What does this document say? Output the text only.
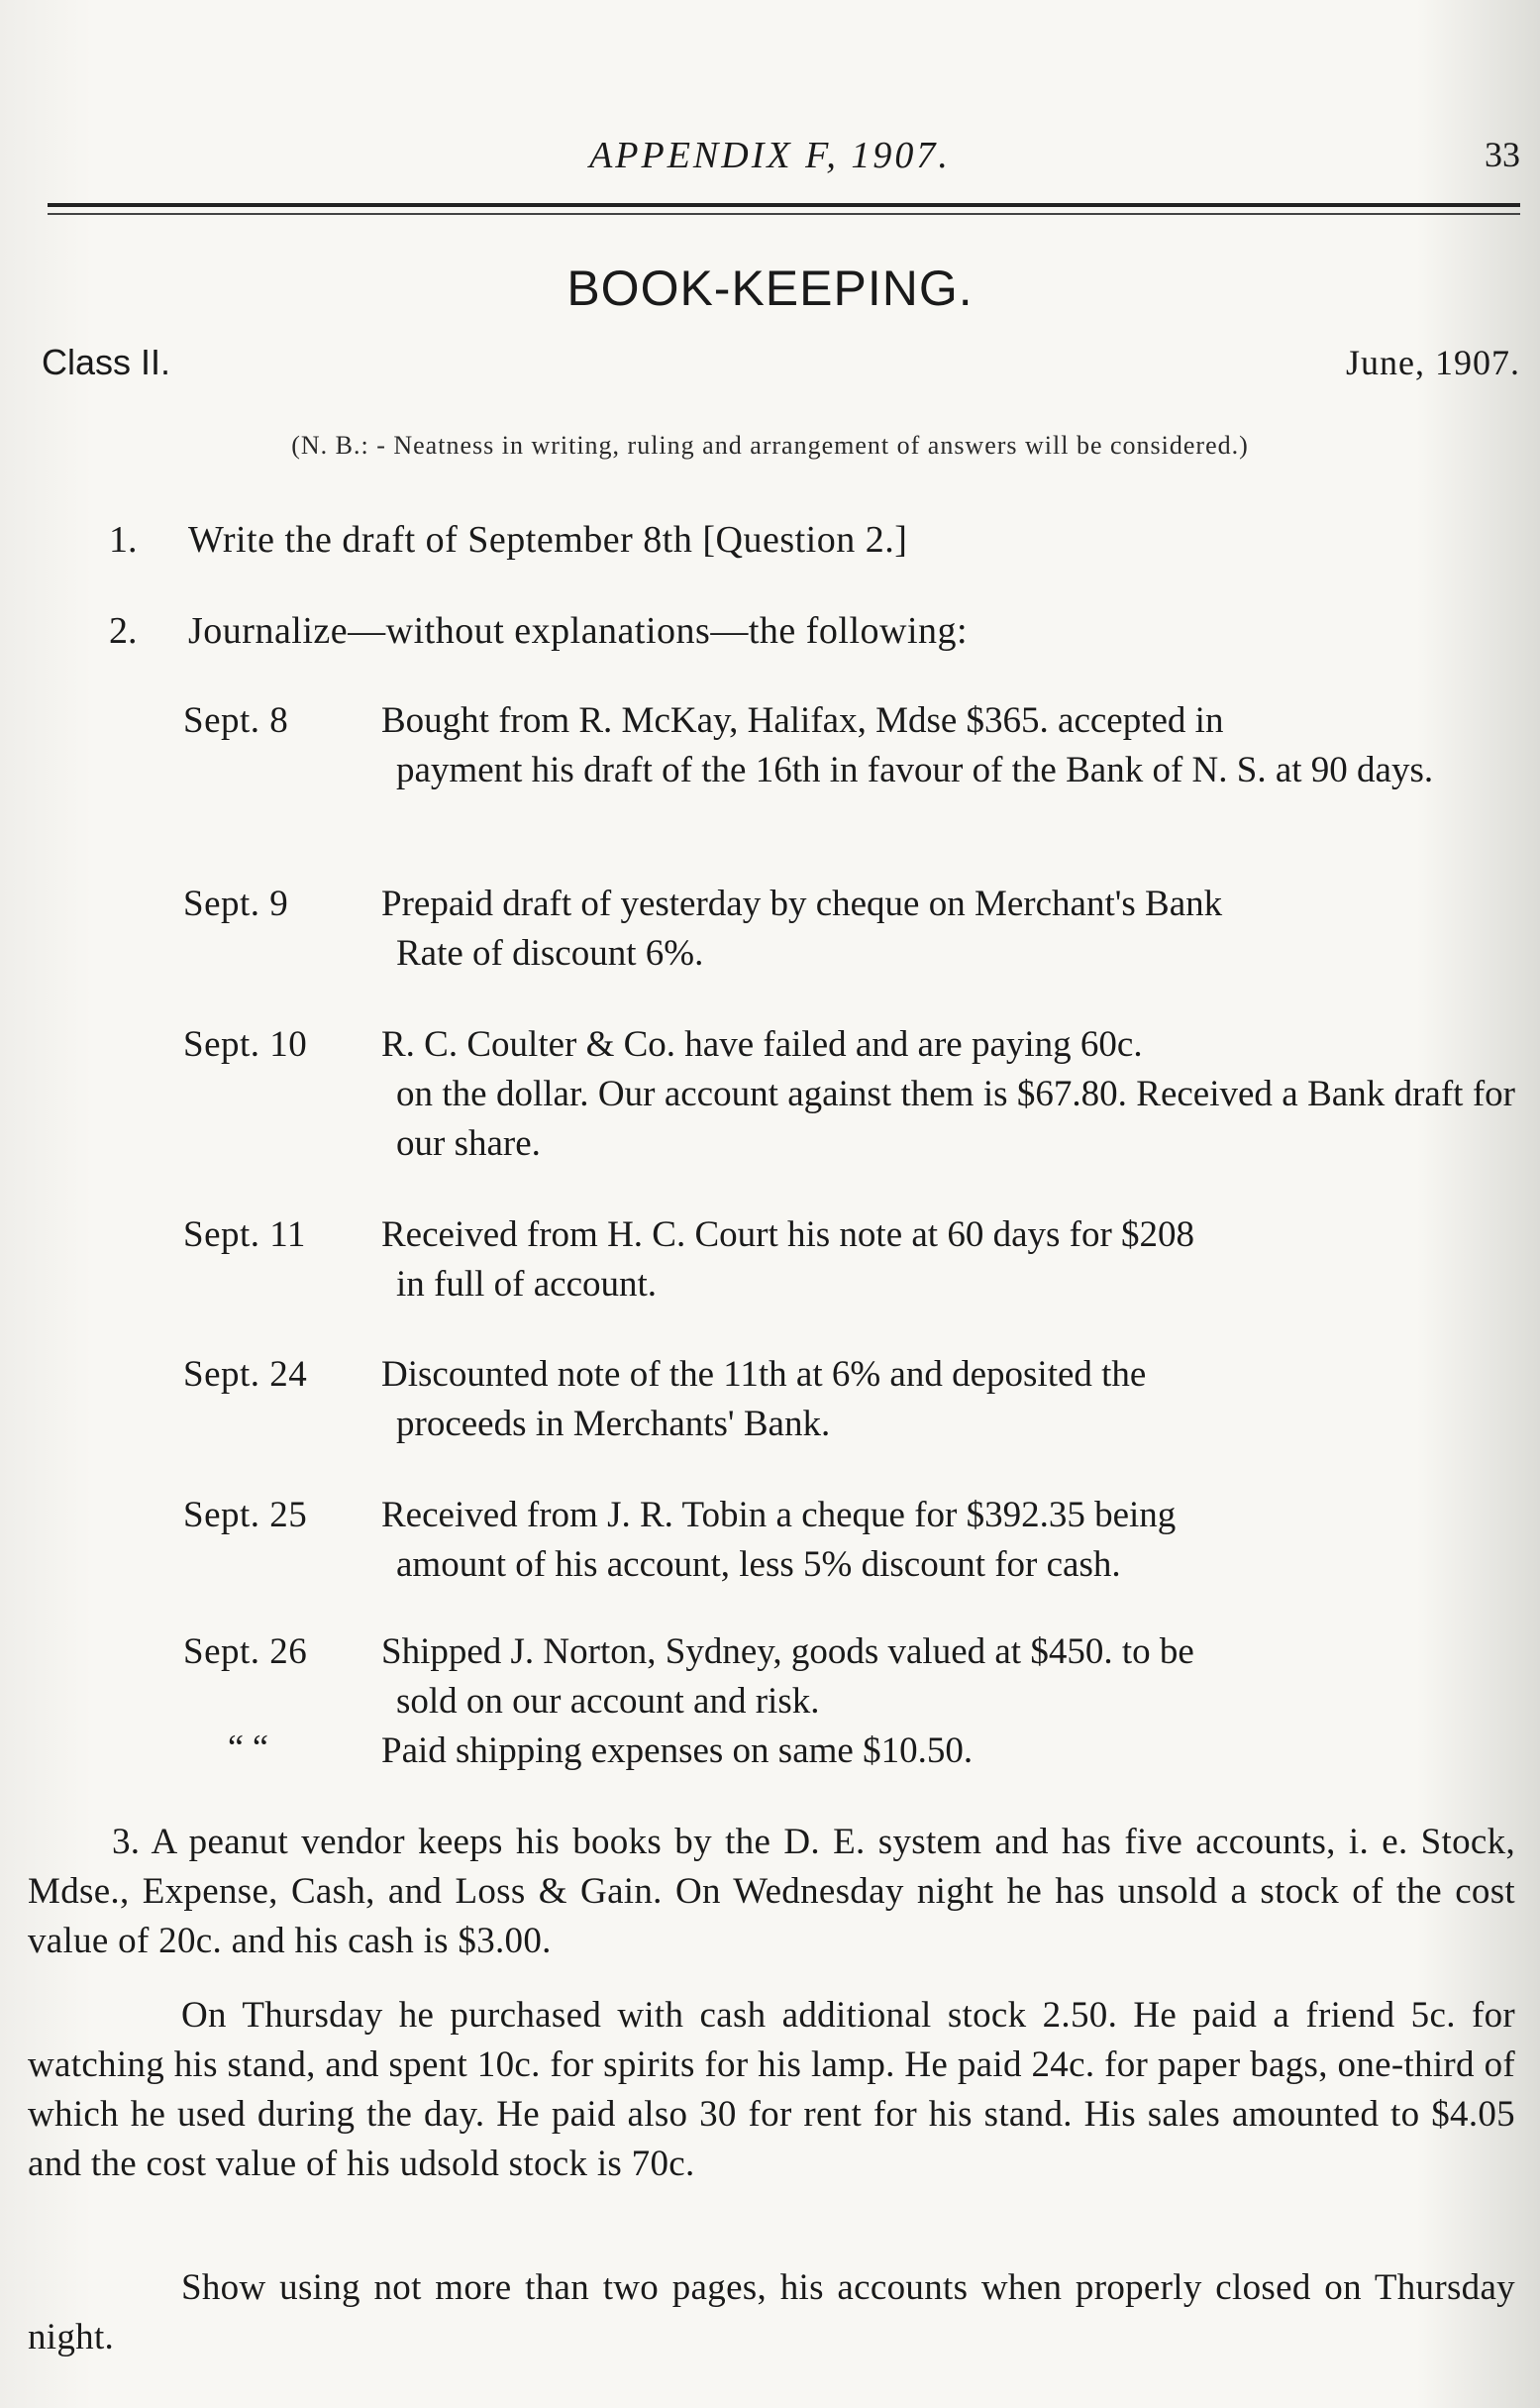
APPENDIX F, 1907.	33
BOOK-KEEPING.
Class II.	June, 1907.
(N. B.: - Neatness in writing, ruling and arrangement of answers will be considered.)
1.	Write the draft of September 8th [Question 2.]
2.	Journalize—without explanations—the following:
Sept. 8	Bought from R. McKay, Halifax, Mdse $365. accepted in
payment his draft of the 16th in favour of the Bank of N. S. at 90 days.
Sept. 9	Prepaid draft of yesterday by cheque on Merchant's Bank
Rate of discount 6%.
Sept. 10	R. C. Coulter & Co. have failed and are paying 60c.
on the dollar. Our account against them is $67.80. Received a Bank draft for our share.
Sept. 11	Received from H. C. Court his note at 60 days for $208
in full of account.
Sept. 24	Discounted note of the 11th at 6% and deposited the
proceeds in Merchants' Bank.
Sept. 25	Received from J. R. Tobin a cheque for $392.35 being
amount of his account, less 5% discount for cash.
Sept. 26	Shipped J. Norton, Sydney, goods valued at $450. to be
sold on our account and risk.
“ “	Paid shipping expenses on same $10.50.
3. A peanut vendor keeps his books by the D. E. system and has five accounts, i. e. Stock, Mdse., Expense, Cash, and Loss & Gain. On Wednesday night he has unsold a stock of the cost value of 20c. and his cash is $3.00.
On Thursday he purchased with cash additional stock 2.50. He paid a friend 5c. for watching his stand, and spent 10c. for spirits for his lamp. He paid 24c. for paper bags, one-third of which he used during the day. He paid also 30 for rent for his stand. His sales amounted to $4.05 and the cost value of his udsold stock is 70c.
Show using not more than two pages, his accounts when properly closed on Thursday night.
